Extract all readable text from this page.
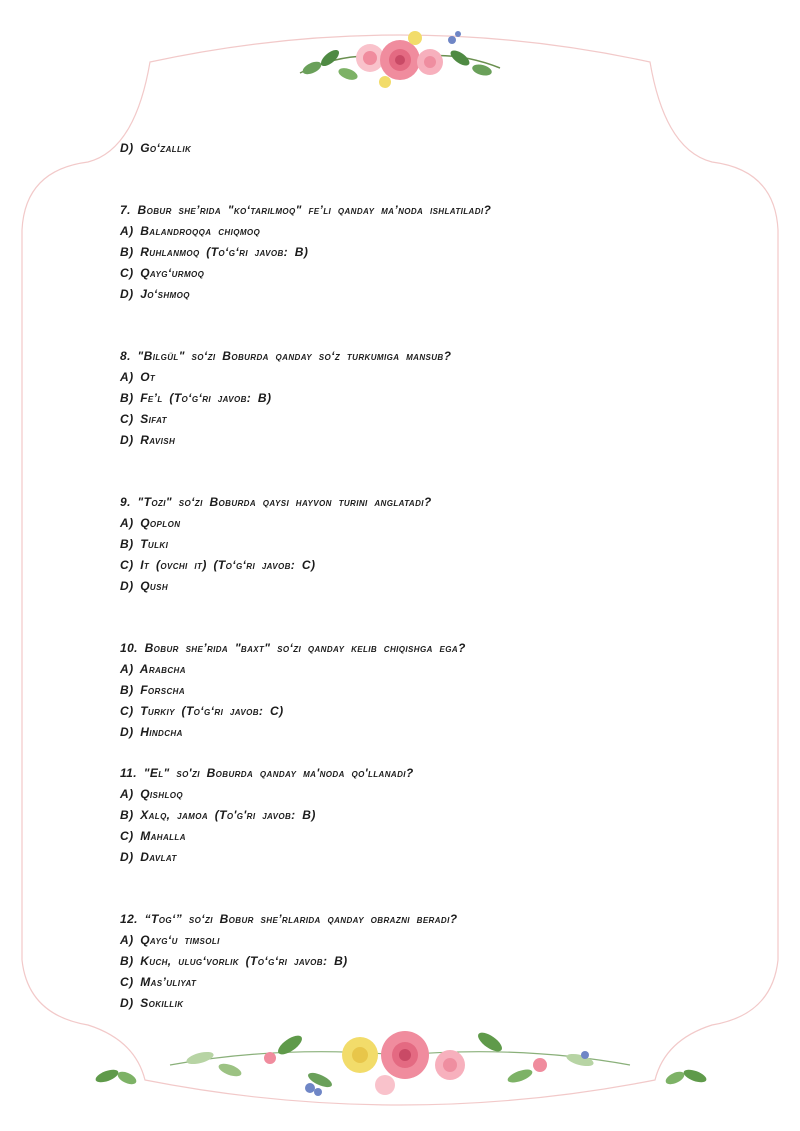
D) Go‘zallik
7. Bobur she’rida "ko‘tarilmoq" fe’li qanday ma’noda ishlatiladi?
A) Balandroqqa chiqmoq
B) Ruhlanmoq (To‘g‘ri javob: B)
C) Qayg‘urmoq
D) Jo‘shmoq
8. "Bilgül" so‘zi Boburda qanday so‘z turkumiga mansub?
A) Ot
B) Fe’l (To‘g‘ri javob: B)
C) Sifat
D) Ravish
9. "Tozi" so‘zi Boburda qaysi hayvon turini anglatadi?
A) Qoplon
B) Tulki
C) It (ovchi it) (To‘g‘ri javob: C)
D) Qush
10. Bobur she’rida "baxt" so‘zi qanday kelib chiqishga ega?
A) Arabcha
B) Forscha
C) Turkiy (To‘g‘ri javob: C)
D) Hindcha
11. "El" so'zi Boburda qanday ma'noda qo'llanadi?
A) Qishloq
B) Xalq, jamoa (To'g'ri javob: B)
C) Mahalla
D) Davlat
12. “Tog‘” so‘zi Bobur she’rlarida qanday obrazni beradi?
A) Qayg‘u timsoli
B) Kuch, ulug‘vorlik (To‘g‘ri javob: B)
C) Mas’uliyat
D) Sokillik
